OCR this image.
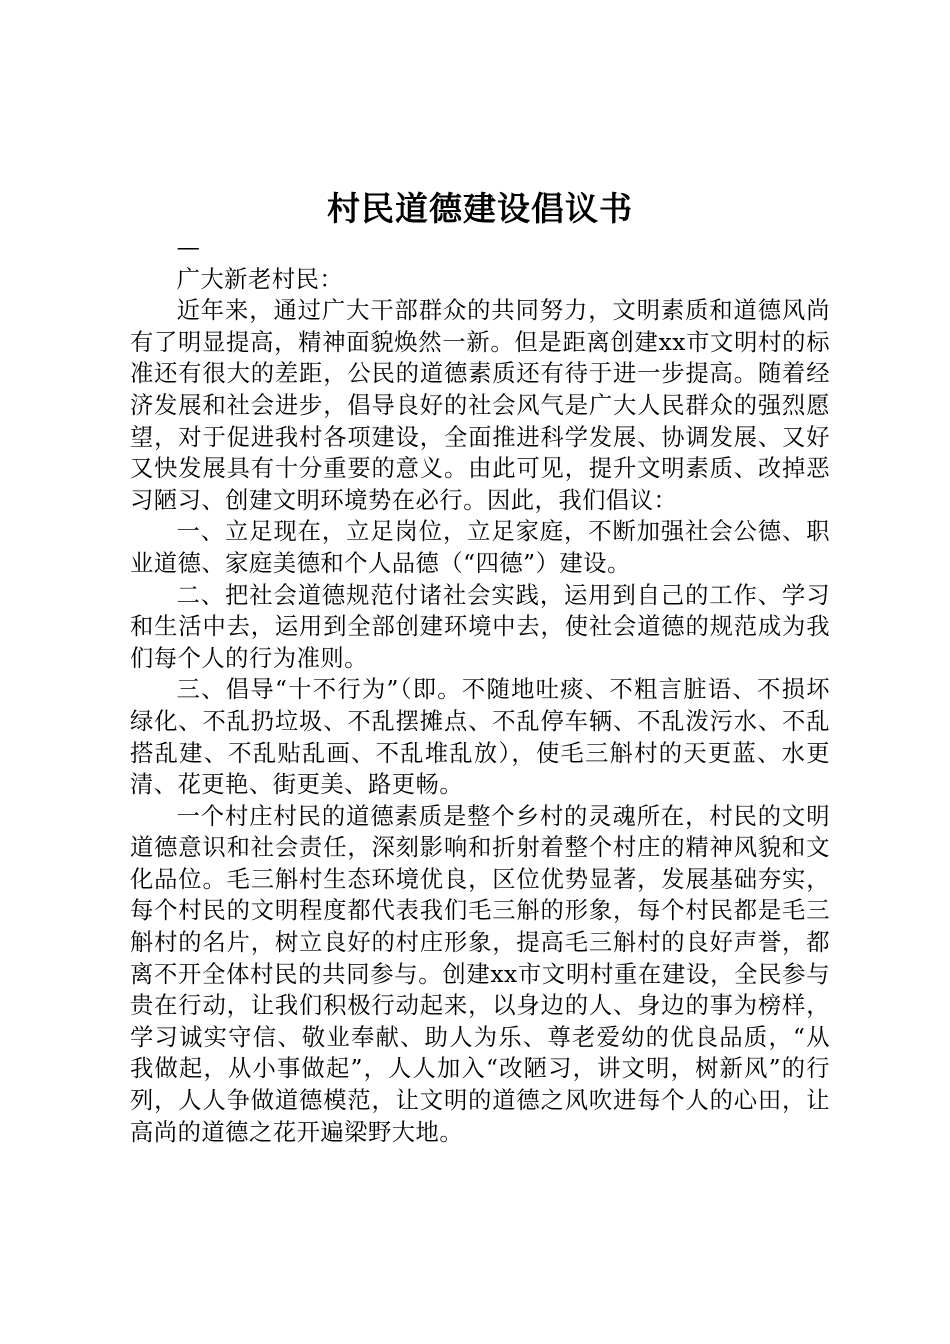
村民道德建设倡议书

—

广大新老村民：

近年来，通过广大干部群众的共同努力，文明素质和道德风尚有了明显提高，精神面貌焕然一新。但是距离创建xx市文明村的标准还有很大的差距，公民的道德素质还有待于进一步提高。随着经济发展和社会进步，倡导良好的社会风气是广大人民群众的强烈愿望，对于促进我村各项建设，全面推进科学发展、协调发展、又好又快发展具有十分重要的意义。由此可见，提升文明素质、改掉恶习陋习、创建文明环境势在必行。因此，我们倡议：

一、立足现在，立足岗位，立足家庭，不断加强社会公德、职业道德、家庭美德和个人品德（“四德”）建设。

二、把社会道德规范付诸社会实践，运用到自己的工作、学习和生活中去，运用到全部创建环境中去，使社会道德的规范成为我们每个人的行为准则。

三、倡导“十不行为”（即。不随地吐痰、不粗言脏语、不损坏绿化、不乱扔垃圾、不乱摆摊点、不乱停车辆、不乱泼污水、不乱搭乱建、不乱贴乱画、不乱堆乱放），使毛三斛村的天更蓝、水更清、花更艳、街更美、路更畅。

一个村庄村民的道德素质是整个乡村的灵魂所在，村民的文明道德意识和社会责任，深刻影响和折射着整个村庄的精神风貌和文化品位。毛三斛村生态环境优良，区位优势显著，发展基础夯实，每个村民的文明程度都代表我们毛三斛的形象，每个村民都是毛三斛村的名片，树立良好的村庄形象，提高毛三斛村的良好声誉，都离不开全体村民的共同参与。创建xx市文明村重在建设，全民参与贵在行动，让我们积极行动起来，以身边的人、身边的事为榜样，学习诚实守信、敬业奉献、助人为乐、尊老爱幼的优良品质，“从我做起，从小事做起”，人人加入“改陋习，讲文明，树新风”的行列，人人争做道德模范，让文明的道德之风吹进每个人的心田，让高尚的道德之花开遍梁野大地。
